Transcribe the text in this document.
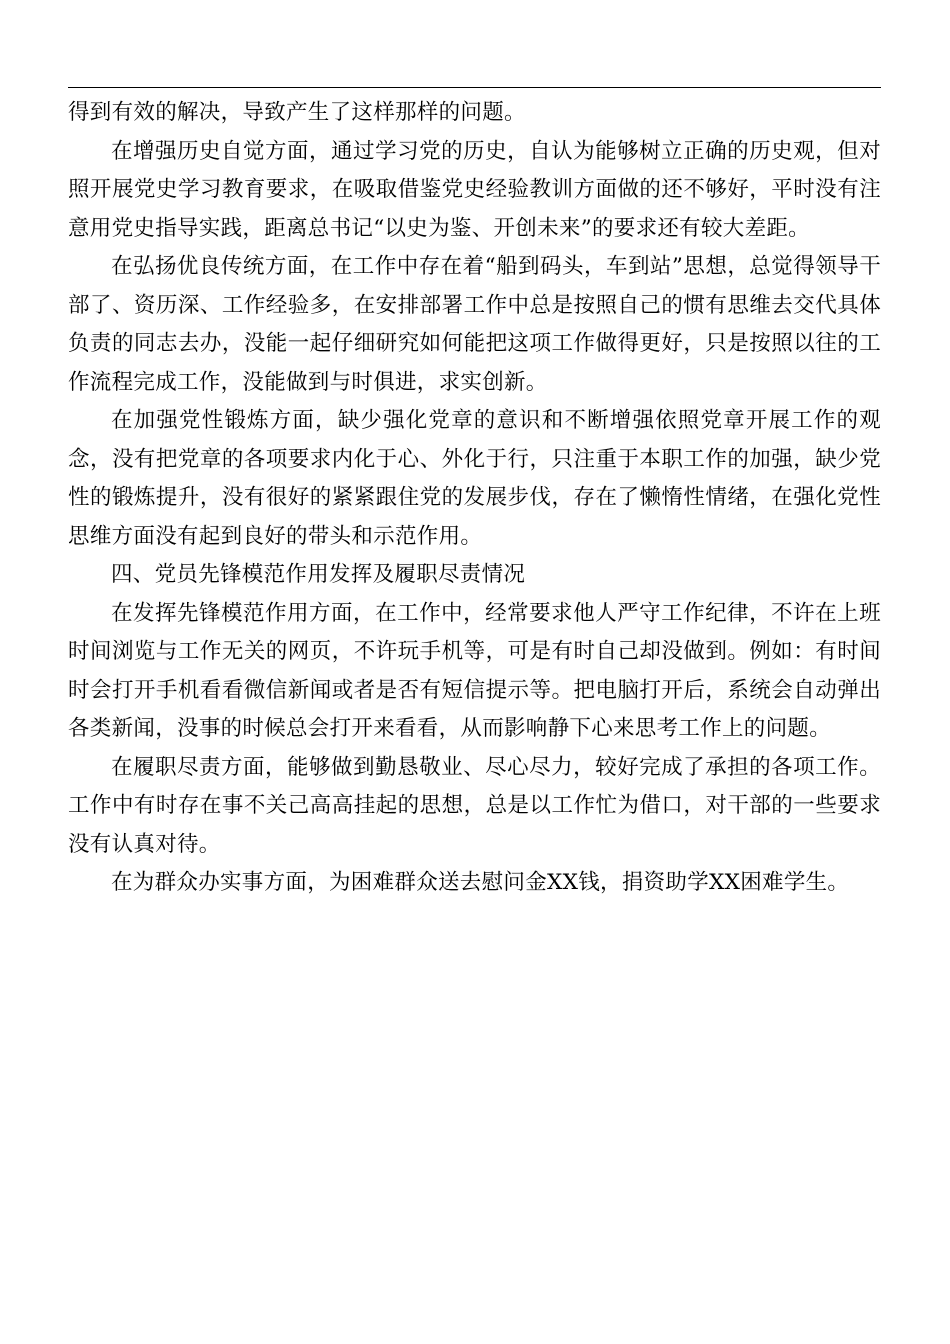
得到有效的解决，导致产生了这样那样的问题。

在增强历史自觉方面，通过学习党的历史，自认为能够树立正确的历史观，但对照开展党史学习教育要求，在吸取借鉴党史经验教训方面做的还不够好，平时没有注意用党史指导实践，距离总书记“以史为鉴、开创未来”的要求还有较大差距。

在弘扬优良传统方面，在工作中存在着“船到码头，车到站”思想，总觉得领导干部了、资历深、工作经验多，在安排部署工作中总是按照自己的惯有思维去交代具体负责的同志去办，没能一起仔细研究如何能把这项工作做得更好，只是按照以往的工作流程完成工作，没能做到与时俱进，求实创新。

在加强党性锻炼方面，缺少强化党章的意识和不断增强依照党章开展工作的观念，没有把党章的各项要求内化于心、外化于行，只注重于本职工作的加强，缺少党性的锻炼提升，没有很好的紧紧跟住党的发展步伐，存在了懒惰性情绪，在强化党性思维方面没有起到良好的带头和示范作用。

四、党员先锋模范作用发挥及履职尽责情况

在发挥先锋模范作用方面，在工作中，经常要求他人严守工作纪律，不许在上班时间浏览与工作无关的网页，不许玩手机等，可是有时自己却没做到。例如：有时间时会打开手机看看微信新闻或者是否有短信提示等。把电脑打开后，系统会自动弹出各类新闻，没事的时候总会打开来看看，从而影响静下心来思考工作上的问题。

在履职尽责方面，能够做到勤恳敬业、尽心尽力，较好完成了承担的各项工作。工作中有时存在事不关己高高挂起的思想，总是以工作忙为借口，对干部的一些要求没有认真对待。

在为群众办实事方面，为困难群众送去慰问金XX钱，捐资助学XX困难学生。
